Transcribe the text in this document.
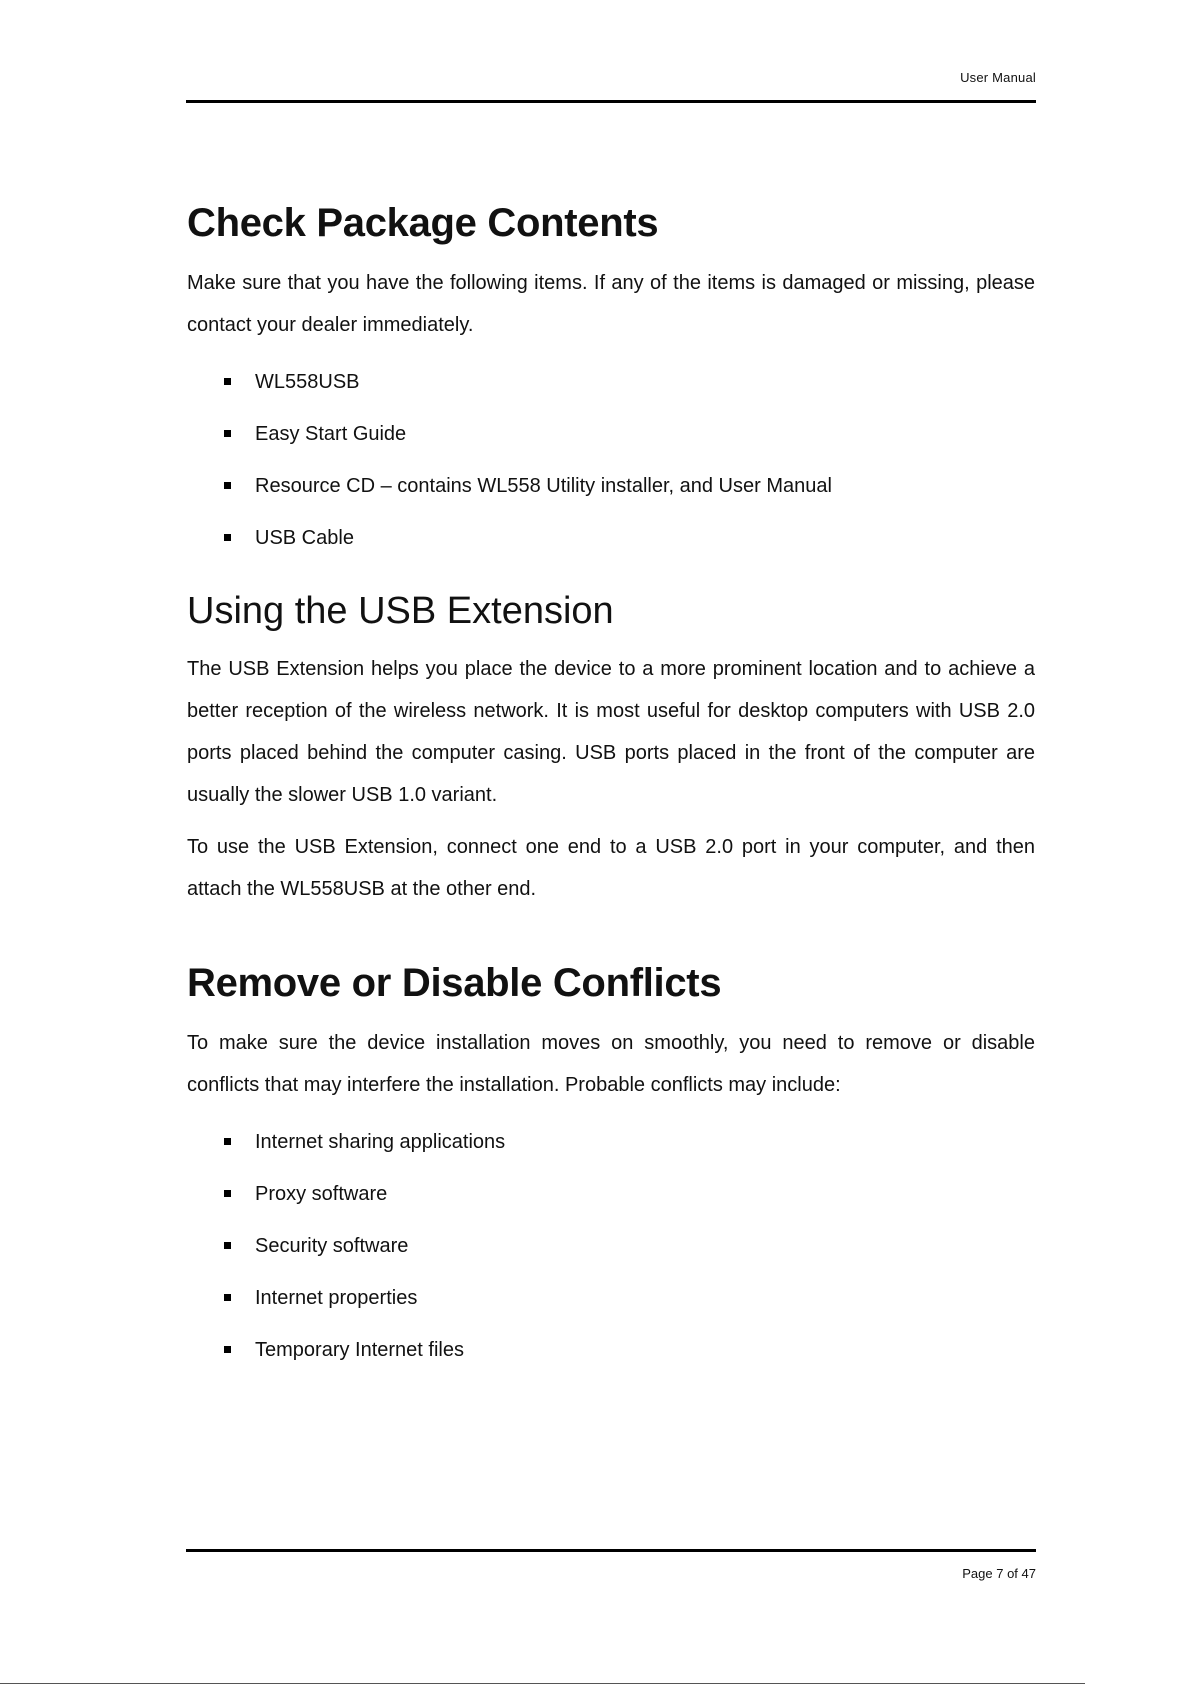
User Manual
Check Package Contents

Make sure that you have the following items. If any of the items is damaged or missing, please contact your dealer immediately.

WL558USB
Easy Start Guide
Resource CD – contains WL558 Utility installer, and User Manual
USB Cable
Using the USB Extension

The USB Extension helps you place the device to a more prominent location and to achieve a better reception of the wireless network. It is most useful for desktop computers with USB 2.0 ports placed behind the computer casing. USB ports placed in the front of the computer are usually the slower USB 1.0 variant.

To use the USB Extension, connect one end to a USB 2.0 port in your computer, and then attach the WL558USB at the other end.

Remove or Disable Conflicts

To make sure the device installation moves on smoothly, you need to remove or disable conflicts that may interfere the installation. Probable conflicts may include:

Internet sharing applications
Proxy software
Security software
Internet properties
Temporary Internet files
Page 7 of 47
